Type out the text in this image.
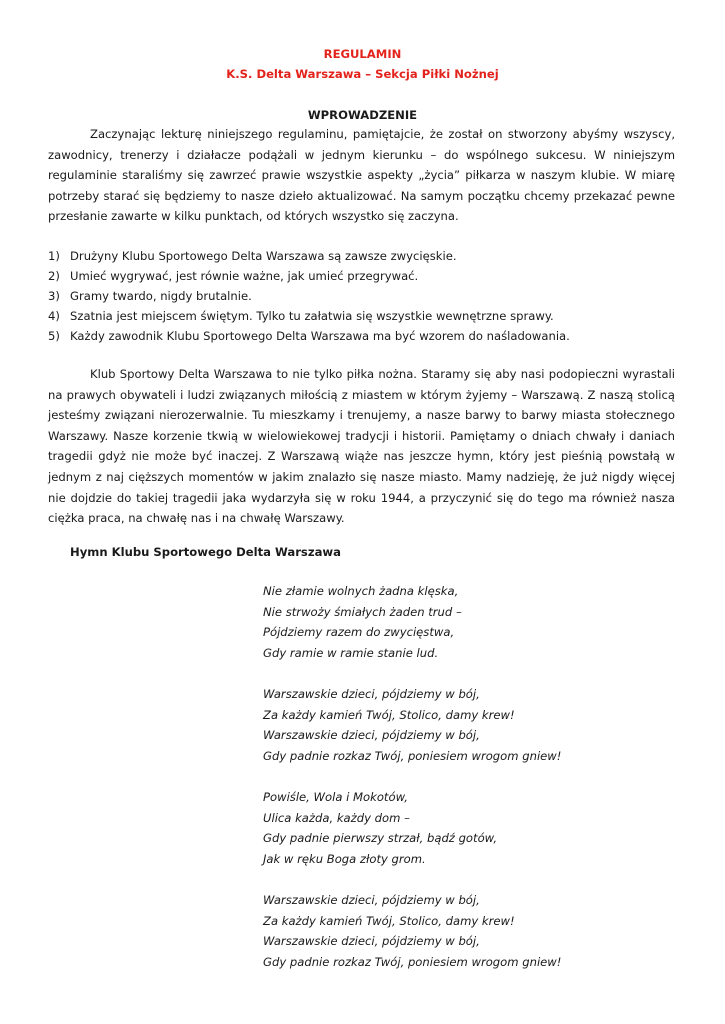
REGULAMIN
K.S. Delta Warszawa – Sekcja Piłki Nożnej
WPROWADZENIE

Zaczynając lekturę niniejszego regulaminu, pamiętajcie, że został on stworzony abyśmy wszyscy, zawodnicy, trenerzy i działacze podążali w jednym kierunku – do wspólnego sukcesu. W niniejszym regulaminie staraliśmy się zawrzeć prawie wszystkie aspekty „życia” piłkarza w naszym klubie. W miarę potrzeby starać się będziemy to nasze dzieło aktualizować. Na samym początku chcemy przekazać pewne przesłanie zawarte w kilku punktach, od których wszystko się zaczyna.

1) Drużyny Klubu Sportowego Delta Warszawa są zawsze zwycięskie.
2) Umieć wygrywać, jest równie ważne, jak umieć przegrywać.
3) Gramy twardo, nigdy brutalnie.
4) Szatnia jest miejscem świętym. Tylko tu załatwia się wszystkie wewnętrzne sprawy.
5) Każdy zawodnik Klubu Sportowego Delta Warszawa ma być wzorem do naśladowania.

Klub Sportowy Delta Warszawa to nie tylko piłka nożna. Staramy się aby nasi podopieczni wyrastali na prawych obywateli i ludzi związanych miłością z miastem w którym żyjemy – Warszawą. Z naszą stolicą jesteśmy związani nierozerwalnie. Tu mieszkamy i trenujemy, a nasze barwy to barwy miasta stołecznego Warszawy. Nasze korzenie tkwią w wielowiekowej tradycji i historii. Pamiętamy o dniach chwały i daniach tragedii gdyż nie może być inaczej. Z Warszawą wiąże nas jeszcze hymn, który jest pieśnią powstałą w jednym z naj cięższych momentów w jakim znalazło się nasze miasto. Mamy nadzieję, że już nigdy więcej nie dojdzie do takiej tragedii jaka wydarzyła się w roku 1944, a przyczynić się do tego ma również nasza ciężka praca, na chwałę nas i na chwałę Warszawy.

Hymn Klubu Sportowego Delta Warszawa

Nie złamie wolnych żadna klęska,
Nie strwoży śmiałych żaden trud –
Pójdziemy razem do zwycięstwa,
Gdy ramie w ramie stanie lud.
Warszawskie dzieci, pójdziemy w bój,
Za każdy kamień Twój, Stolico, damy krew!
Warszawskie dzieci, pójdziemy w bój,
Gdy padnie rozkaz Twój, poniesiem wrogom gniew!
Powiśle, Wola i Mokotów,
Ulica każda, każdy dom –
Gdy padnie pierwszy strzał, bądź gotów,
Jak w ręku Boga złoty grom.
Warszawskie dzieci, pójdziemy w bój,
Za każdy kamień Twój, Stolico, damy krew!
Warszawskie dzieci, pójdziemy w bój,
Gdy padnie rozkaz Twój, poniesiem wrogom gniew!
